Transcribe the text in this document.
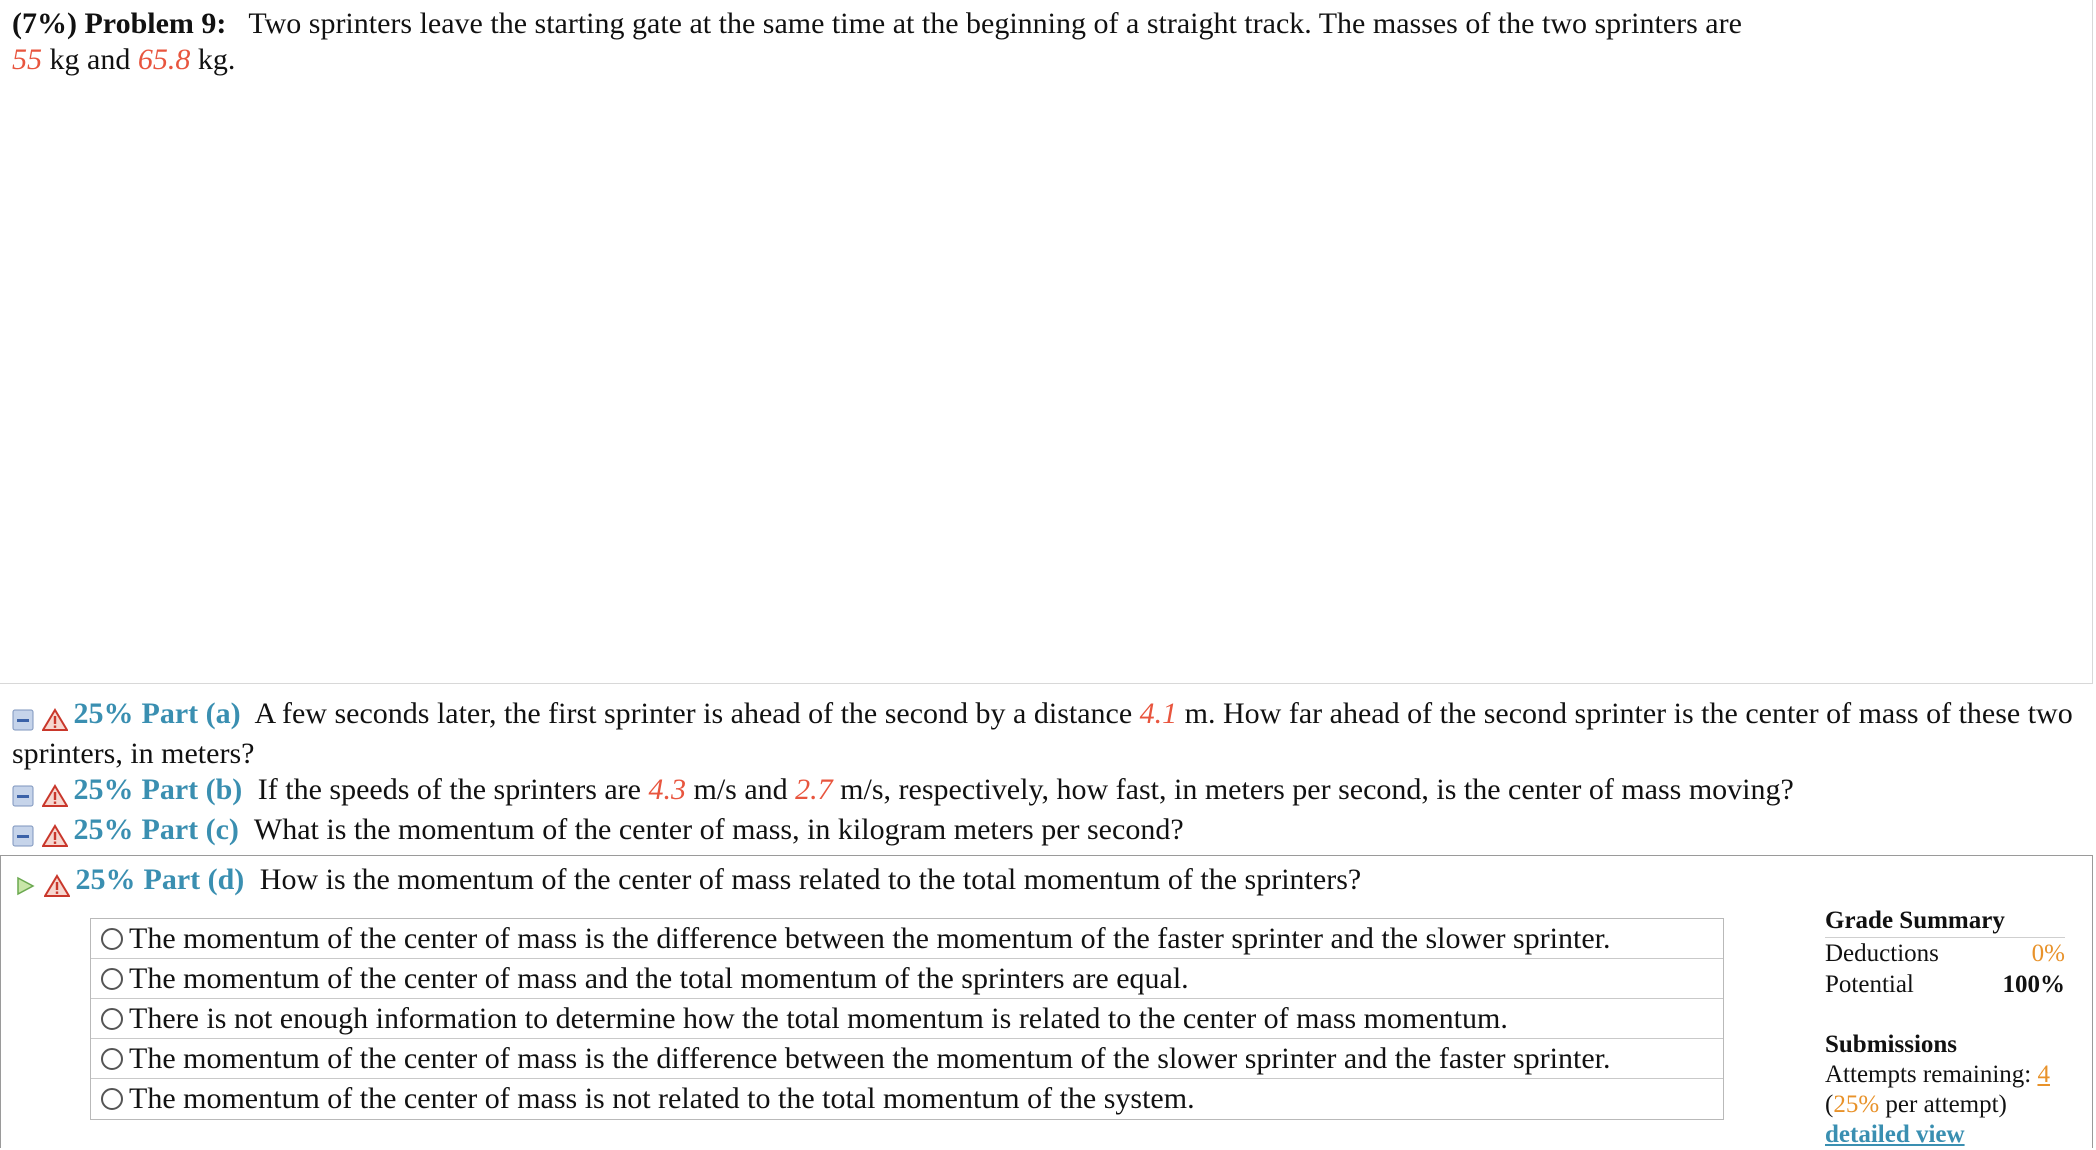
(7%) Problem 9: Two sprinters leave the starting gate at the same time at the beginning of a straight track. The masses of the two sprinters are
55 kg and 65.8 kg.
25% Part (a) A few seconds later, the first sprinter is ahead of the second by a distance 4.1 m. How far ahead of the second sprinter is the center of mass of these two sprinters, in meters?
25% Part (b) If the speeds of the sprinters are 4.3 m/s and 2.7 m/s, respectively, how fast, in meters per second, is the center of mass moving?
25% Part (c) What is the momentum of the center of mass, in kilogram meters per second?
25% Part (d) How is the momentum of the center of mass related to the total momentum of the sprinters?
The momentum of the center of mass is the difference between the momentum of the faster sprinter and the slower sprinter.
The momentum of the center of mass and the total momentum of the sprinters are equal.
There is not enough information to determine how the total momentum is related to the center of mass momentum.
The momentum of the center of mass is the difference between the momentum of the slower sprinter and the faster sprinter.
The momentum of the center of mass is not related to the total momentum of the system.
Grade Summary
Deductions	0%
Potential	100%
Submissions
Attempts remaining: 4
(25% per attempt)
detailed view
